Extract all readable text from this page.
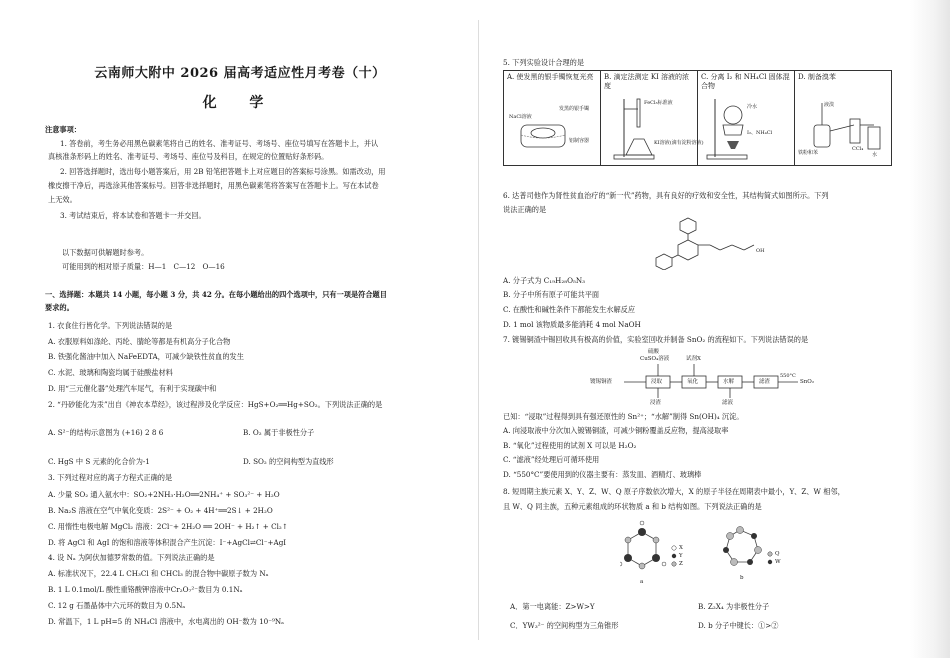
云南师大附中 2026 届高考适应性月考卷（十）
化 学
注意事项：
1. 答卷前，考生务必用黑色碳素笔将自己的姓名、准考证号、考场号、座位号填写在答题卡上，并认
真核准条形码上的姓名、准考证号、考场号、座位号及科目，在规定的位置贴好条形码。
2. 回答选择题时，选出每小题答案后，用 2B 铅笔把答题卡上对应题目的答案标号涂黑。如需改动，用
橡皮擦干净后，再选涂其他答案标号。回答非选择题时，用黑色碳素笔将答案写在答题卡上。写在本试卷
上无效。
3. 考试结束后，将本试卷和答题卡一并交回。
以下数据可供解题时参考。
可能用到的相对原子质量：H—1　C—12　O—16
一、选择题：本题共 14 小题，每小题 3 分，共 42 分。在每小题给出的四个选项中，只有一项是符合题目
要求的。
1. 衣食住行皆化学。下列说法错误的是
A. 衣服原料如涤纶、丙纶、腈纶等都是有机高分子化合物
B. 铁强化酱油中加入 NaFeEDTA，可减少缺铁性贫血的发生
C. 水泥、玻璃和陶瓷均属于硅酸盐材料
D. 用“三元催化器”处理汽车尾气，有利于实现碳中和
2. “丹砂能化为汞”出自《神农本草经》，该过程涉及化学反应：HgS+O₂══Hg+SO₂。下列说法正确的是
A. S²⁻的结构示意图为 (+16) 2 8 6	B. O₂ 属于非极性分子
C. HgS 中 S 元素的化合价为-1	D. SO₂ 的空间构型为直线形
3. 下列过程对应的离子方程式正确的是
A. 少量 SO₂ 通入氨水中：SO₂+2NH₃·H₂O══2NH₄⁺ + SO₃²⁻ + H₂O
B. Na₂S 溶液在空气中氧化变质：2S²⁻ + O₂ + 4H⁺══2S↓ + 2H₂O
C. 用惰性电极电解 MgCl₂ 溶液：2Cl⁻+ 2H₂O ══ 2OH⁻ + H₂↑ + Cl₂↑
D. 将 AgCl 和 AgI 的饱和溶液等体积混合产生沉淀：I⁻+AgCl⇌Cl⁻+AgI
4. 设 Nₐ 为阿伏加德罗常数的值。下列说法正确的是
A. 标准状况下，22.4 L CH₃Cl 和 CHCl₃ 的混合物中碳原子数为 Nₐ
B. 1 L 0.1mol/L 酸性重铬酸钾溶液中Cr₂O₇²⁻数目为 0.1Nₐ
C. 12 g 石墨晶体中六元环的数目为 0.5Nₐ
D. 常温下，1 L pH=5 的 NH₄Cl 溶液中，水电离出的 OH⁻数为 10⁻⁹Nₐ
5. 下列实验设计合理的是
A. 使发黑的银手镯恢复光亮
NaCl溶液
发黑的银手镯
铝制容器

B. 滴定法测定 KI 溶液的浓度
FeCl₃标准液
KI溶液(滴有淀粉溶液)

C. 分离 I₂ 和 NH₄Cl 固体混合物
冷水
I₂、NH₄Cl

D. 制备溴苯
液溴
铁粉和苯
CCl₄
水
6. 达普司他作为肾性贫血治疗的“新一代”药物，具有良好的疗效和安全性，其结构简式如图所示。下列
说法正确的是
OH
A. 分子式为 C₁₉H₂₈O₅N₃
B. 分子中所有原子可能共平面
C. 在酸性和碱性条件下都能发生水解反应
D. 1 mol 该物质最多能消耗 4 mol NaOH
7. 镀锡铜渣中锡回收具有极高的价值，实验室回收并制备 SnO₂ 的流程如下。下列说法错误的是
硫酸
CuSO₄溶液	试剂X
镀锡铜渣	浸取	氧化	水解	滤渣
550°C
SnO₂
浸渣	滤液
已知：“浸取”过程得到具有强还原性的 Sn²⁺；“水解”制得 Sn(OH)₄ 沉淀。
A. 向浸取液中分次加入镀锡铜渣，可减少铜粉覆盖反应物，提高浸取率
B. “氧化”过程使用的试剂 X 可以是 H₂O₂
C. “滤液”经处理后可循环使用
D. “550°C”要使用到的仪器主要有：蒸发皿、酒精灯、玻璃棒
8. 短周期主族元素 X、Y、Z、W、Q 原子序数依次增大，X 的原子半径在周期表中最小，Y、Z、W 相邻，
且 W、Q 同主族，五种元素组成的环状物质 a 和 b 结构如图。下列说法正确的是
X
Y
Z
Q
W
a
b
A．第一电离能：Z>W>Y	B. Z₂X₄ 为非极性分子
C．YW₃²⁻ 的空间构型为三角锥形	D. b 分子中键长：①>②
